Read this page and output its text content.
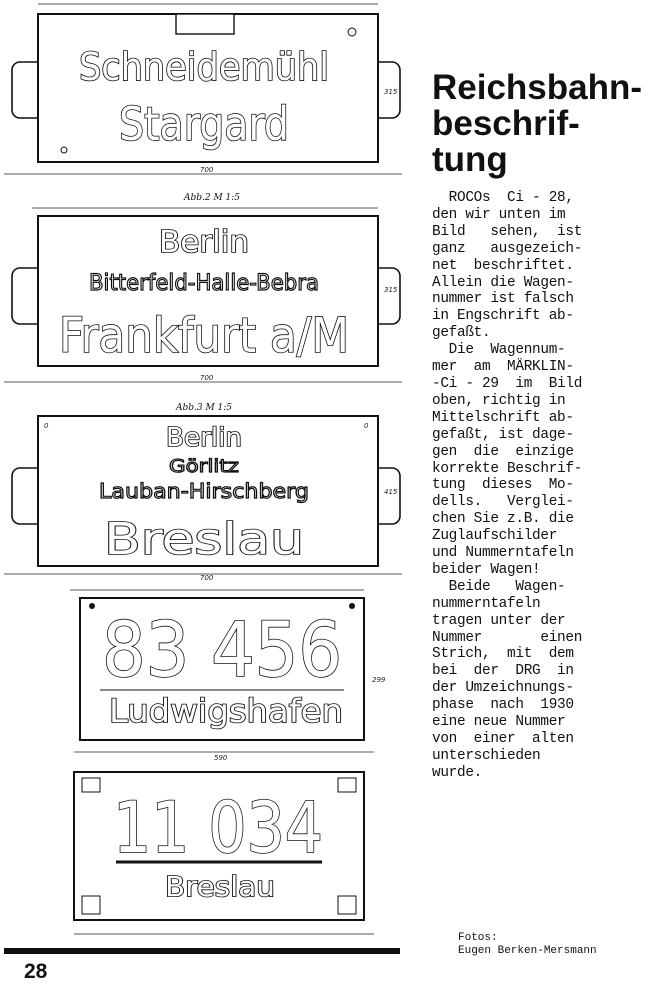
Schneidemühl
Stargard
700
315
Abb.2 M 1:5
Berlin
Bitterfeld-Halle-Bebra
Frankfurt a/M
700
315
Abb.3 M 1:5
0	0
Berlin
Görlitz
Lauban-Hirschberg
Breslau
700
415
83 456
Ludwigshafen
590
299
11 034
Breslau
28
Reichsbahn-
beschrif-
tung
ROCOs  Ci - 28,
den wir unten im
Bild   sehen,  ist
ganz   ausgezeich-
net  beschriftet.
Allein die Wagen-
nummer ist falsch
in Engschrift ab-
gefaßt.
Die  Wagennum-
mer  am  MÄRKLIN-
-Ci - 29  im  Bild
oben, richtig in
Mittelschrift ab-
gefaßt, ist dage-
gen  die  einzige
korrekte Beschrif-
tung  dieses  Mo-
dells.   Verglei-
chen Sie z.B. die
Zuglaufschilder
und Nummerntafeln
beider Wagen!
Beide   Wagen-
nummerntafeln
tragen unter der
Nummer       einen
Strich,  mit  dem
bei  der  DRG  in
der Umzeichnungs-
phase  nach  1930
eine neue Nummer
von  einer  alten
unterschieden
wurde.
Fotos:
Eugen Berken-Mersmann
